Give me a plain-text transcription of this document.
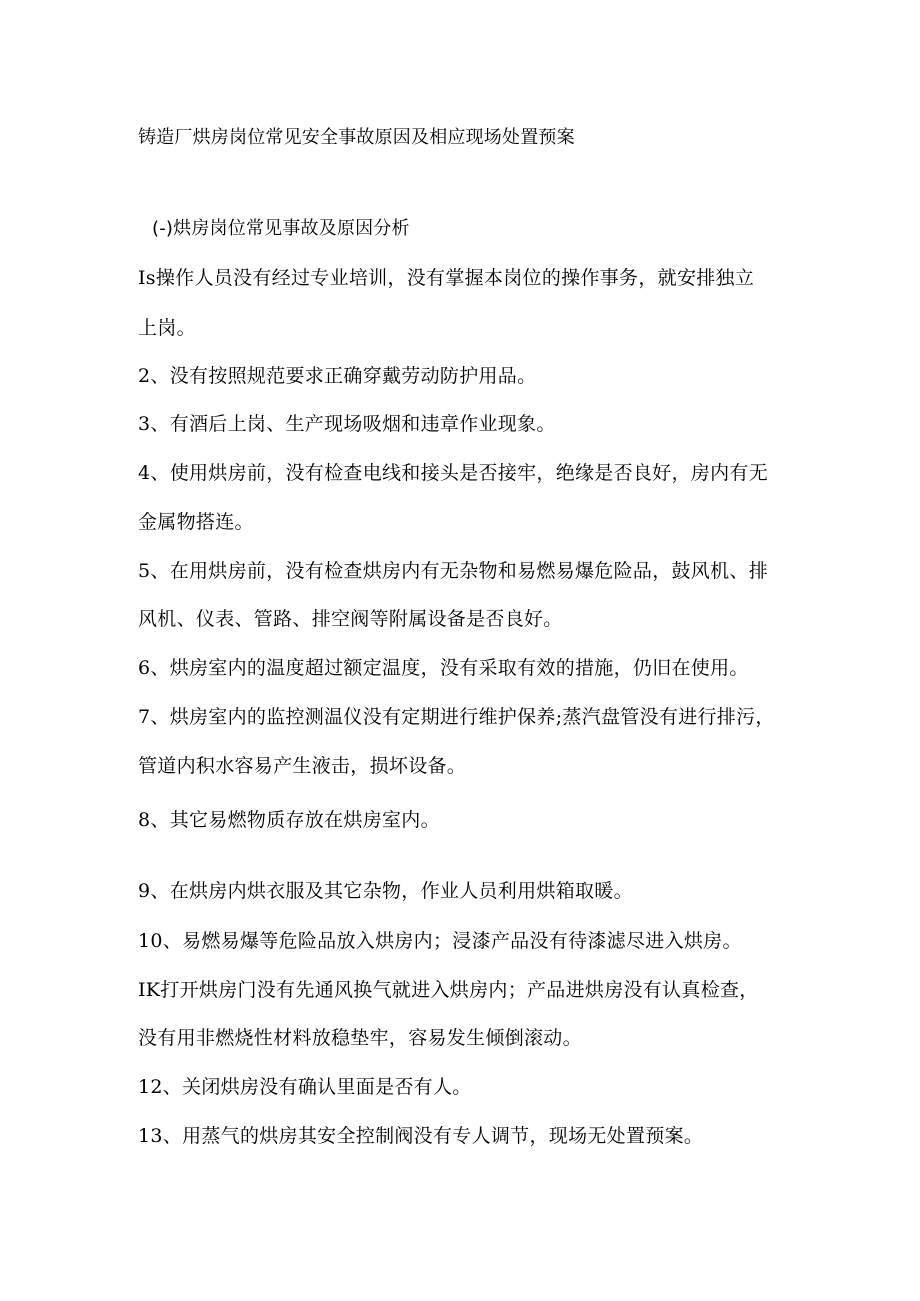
铸造厂烘房岗位常见安全事故原因及相应现场处置预案
(-)烘房岗位常见事故及原因分析
Is操作人员没有经过专业培训，没有掌握本岗位的操作事务，就安排独立
上岗。
2、没有按照规范要求正确穿戴劳动防护用品。
3、有酒后上岗、生产现场吸烟和违章作业现象。
4、使用烘房前，没有检查电线和接头是否接牢，绝缘是否良好，房内有无
金属物搭连。
5、在用烘房前，没有检查烘房内有无杂物和易燃易爆危险品，鼓风机、排
风机、仪表、管路、排空阀等附属设备是否良好。
6、烘房室内的温度超过额定温度，没有采取有效的措施，仍旧在使用。
7、烘房室内的监控测温仪没有定期进行维护保养;蒸汽盘管没有进行排污，
管道内积水容易产生液击，损坏设备。
8、其它易燃物质存放在烘房室内。
9、在烘房内烘衣服及其它杂物，作业人员利用烘箱取暖。
10、易燃易爆等危险品放入烘房内；浸漆产品没有待漆滤尽进入烘房。
IK打开烘房门没有先通风换气就进入烘房内；产品进烘房没有认真检查，
没有用非燃烧性材料放稳垫牢，容易发生倾倒滚动。
12、关闭烘房没有确认里面是否有人。
13、用蒸气的烘房其安全控制阀没有专人调节，现场无处置预案。
